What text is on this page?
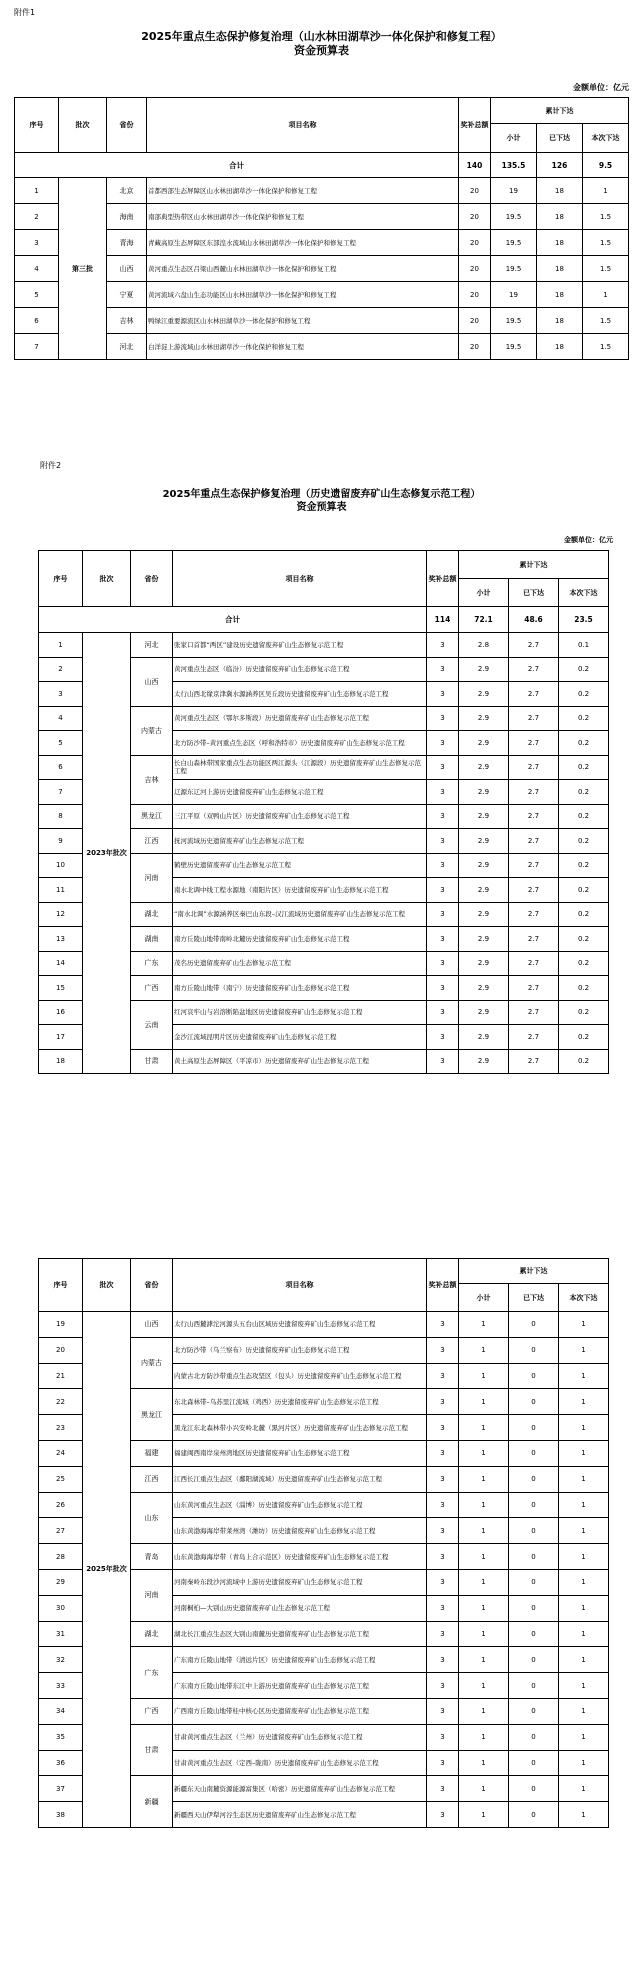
附件1
2025年重点生态保护修复治理（山水林田湖草沙一体化保护和修复工程）
资金预算表
金额单位：亿元
序号	批次	省份	项目名称	奖补总额	累计下达		
					小计	已下达	本次下达
合计				140	135.5	126	9.5
1	第三批	北京	首都西部生态屏障区山水林田湖草沙一体化保护和修复工程	20	19	18	1
2		海南	南部典型热带区山水林田湖草沙一体化保护和修复工程	20	19.5	18	1.5
3		青海	青藏高原生态屏障区东部湟水流域山水林田湖草沙一体化保护和修复工程	20	19.5	18	1.5
4		山西	黄河重点生态区吕梁山西麓山水林田湖草沙一体化保护和修复工程	20	19.5	18	1.5
5		宁夏	黄河流域六盘山生态功能区山水林田湖草沙一体化保护和修复工程	20	19	18	1
6		吉林	鸭绿江重要源流区山水林田湖草沙一体化保护和修复工程	20	19.5	18	1.5
7		河北	白洋淀上游流域山水林田湖草沙一体化保护和修复工程	20	19.5	18	1.5
附件2
2025年重点生态保护修复治理（历史遗留废弃矿山生态修复示范工程）
资金预算表
金额单位：亿元
序号	批次	省份	项目名称	奖补总额	累计下达		
					小计	已下达	本次下达
合计				114	72.1	48.6	23.5
1	2023年批次	河北	张家口首都“两区”建设历史遗留废弃矿山生态修复示范工程	3	2.8	2.7	0.1
2		山西	黄河重点生态区（临汾）历史遗留废弃矿山生态修复示范工程	3	2.9	2.7	0.2
3			太行山西北缘京津冀水源涵养区吴丘段历史遗留废弃矿山生态修复示范工程	3	2.9	2.7	0.2
4		内蒙古	黄河重点生态区（鄂尔多斯段）历史遗留废弃矿山生态修复示范工程	3	2.9	2.7	0.2
5			北方防沙带–黄河重点生态区（呼和浩特市）历史遗留废弃矿山生态修复示范工程	3	2.9	2.7	0.2
6		吉林	长白山森林带国家重点生态功能区两江源头（江源段）历史遗留废弃矿山生态修复示范工程	3	2.9	2.7	0.2
7			辽源东辽河上游历史遗留废弃矿山生态修复示范工程	3	2.9	2.7	0.2
8		黑龙江	三江平原（双鸭山片区）历史遗留废弃矿山生态修复示范工程	3	2.9	2.7	0.2
9		江西	抚河流域历史遗留废弃矿山生态修复示范工程	3	2.9	2.7	0.2
10		河南	鹤壁历史遗留废弃矿山生态修复示范工程	3	2.9	2.7	0.2
11			南水北调中线工程水源地（南阳片区）历史遗留废弃矿山生态修复示范工程	3	2.9	2.7	0.2
12		湖北	“南水北调”水源涵养区秦巴山东段–汉江流域历史遗留废弃矿山生态修复示范工程	3	2.9	2.7	0.2
13		湖南	南方丘陵山地带南岭北麓历史遗留废弃矿山生态修复示范工程	3	2.9	2.7	0.2
14		广东	茂名历史遗留废弃矿山生态修复示范工程	3	2.9	2.7	0.2
15		广西	南方丘陵山地带（南宁）历史遗留废弃矿山生态修复示范工程	3	2.9	2.7	0.2
16		云南	红河哀牢山与岩溶断陷盆地区历史遗留废弃矿山生态修复示范工程	3	2.9	2.7	0.2
17			金沙江流域昆明片区历史遗留废弃矿山生态修复示范工程	3	2.9	2.7	0.2
18		甘肃	黄土高原生态屏障区（平凉市）历史遗留废弃矿山生态修复示范工程	3	2.9	2.7	0.2
序号	批次	省份	项目名称	奖补总额	累计下达		
					小计	已下达	本次下达
19	2025年批次	山西	太行山西麓滹沱河源头五台山区域历史遗留废弃矿山生态修复示范工程	3	1	0	1
20		内蒙古	北方防沙带（乌兰察布）历史遗留废弃矿山生态修复示范工程	3	1	0	1
21			内蒙古北方防沙带重点生态攻坚区（包头）历史遗留废弃矿山生态修复示范工程	3	1	0	1
22		黑龙江	东北森林带–乌苏里江流域（鸡西）历史遗留废弃矿山生态修复示范工程	3	1	0	1
23			黑龙江东北森林带小兴安岭北麓（黑河片区）历史遗留废弃矿山生态修复示范工程	3	1	0	1
24		福建	福建闽西南岸泉州湾地区历史遗留废弃矿山生态修复示范工程	3	1	0	1
25		江西	江西长江重点生态区（鄱阳湖流域）历史遗留废弃矿山生态修复示范工程	3	1	0	1
26		山东	山东黄河重点生态区（淄博）历史遗留废弃矿山生态修复示范工程	3	1	0	1
27			山东黄渤海海岸带莱州湾（潍坊）历史遗留废弃矿山生态修复示范工程	3	1	0	1
28		青岛	山东黄渤海海岸带（青岛上合示范区）历史遗留废弃矿山生态修复示范工程	3	1	0	1
29		河南	河南秦岭东段沙河流域中上游历史遗留废弃矿山生态修复示范工程	3	1	0	1
30			河南桐柏—大别山历史遗留废弃矿山生态修复示范工程	3	1	0	1
31		湖北	湖北长江重点生态区大别山南麓历史遗留废弃矿山生态修复示范工程	3	1	0	1
32		广东	广东南方丘陵山地带（清远片区）历史遗留废弃矿山生态修复示范工程	3	1	0	1
33			广东南方丘陵山地带东江中上游历史遗留废弃矿山生态修复示范工程	3	1	0	1
34		广西	广西南方丘陵山地带桂中核心区历史遗留废弃矿山生态修复示范工程	3	1	0	1
35		甘肃	甘肃黄河重点生态区（兰州）历史遗留废弃矿山生态修复示范工程	3	1	0	1
36			甘肃黄河重点生态区（定西–陇南）历史遗留废弃矿山生态修复示范工程	3	1	0	1
37		新疆	新疆东天山南麓资源能源富集区（哈密）历史遗留废弃矿山生态修复示范工程	3	1	0	1
38			新疆西天山伊犁河谷生态区历史遗留废弃矿山生态修复示范工程	3	1	0	1
